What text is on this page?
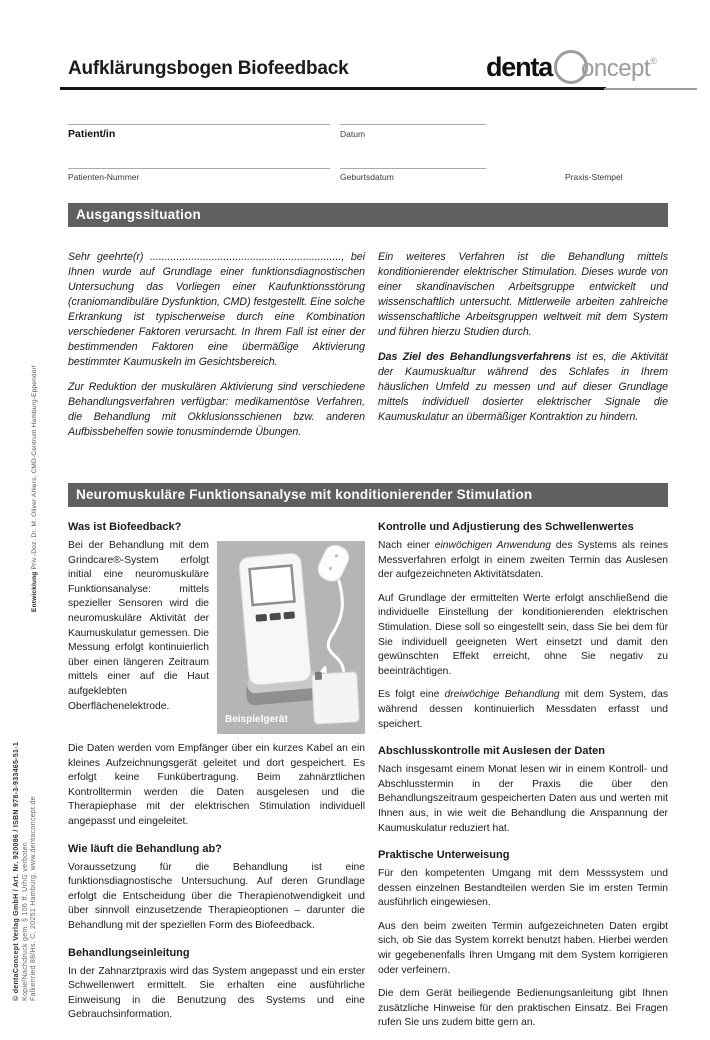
Aufklärungsbogen Biofeedback	denta oncept®
Patient/in	Datum
Patienten-Nummer	Geburtsdatum	Praxis-Stempel
Ausgangssituation

Sehr geehrte(r) ................................................................., bei Ihnen wurde auf Grundlage einer funktionsdiagnostischen Untersuchung das Vorliegen einer Kaufunktionsstörung (craniomandibuläre Dysfunktion, CMD) festgestellt. Eine solche Erkrankung ist typischerweise durch eine Kombination verschiedener Faktoren verursacht. In Ihrem Fall ist einer der bestimmenden Faktoren eine übermäßige Aktivierung bestimmter Kaumuskeln im Gesichtsbereich.

Zur Reduktion der muskulären Aktivierung sind verschiedene Behandlungsverfahren verfügbar: medikamentöse Verfahren, die Behandlung mit Okklusionsschienen bzw. anderen Aufbissbehelfen sowie tonusmindernde Übungen.

Ein weiteres Verfahren ist die Behandlung mittels konditionierender elektrischer Stimulation. Dieses wurde von einer skandinavischen Arbeitsgruppe entwickelt und wissenschaftlich untersucht. Mittlerweile arbeiten zahlreiche wissenschaftliche Arbeitsgruppen weltweit mit dem System und führen hierzu Studien durch.

Das Ziel des Behandlungsverfahrens ist es, die Aktivität der Kaumuskualtur während des Schlafes in Ihrem häuslichen Umfeld zu messen und auf dieser Grundlage mittels individuell dosierter elektrischer Signale die Kaumuskulatur an übermäßiger Kontraktion zu hindern.

Neuromuskuläre Funktionsanalyse mit konditionierender Stimulation
Was ist Biofeedback?
Beispielgerät

Bei der Behandlung mit dem Grindcare®-System erfolgt initial eine neuromuskuläre Funktionsanalyse: mittels spezieller Sensoren wird die neuromuskuläre Aktivität der Kaumuskulatur gemessen. Die Messung erfolgt kontinuierlich über einen längeren Zeitraum mittels einer auf die Haut aufgeklebten Oberflächenelektrode.

Die Daten werden vom Empfänger über ein kurzes Kabel an ein kleines Aufzeichnungsgerät geleitet und dort gespeichert. Es erfolgt keine Funkübertragung. Beim zahnärztlichen Kontrolltermin werden die Daten ausgelesen und die Therapiephase mit der elektrischen Stimulation individuell angepasst und eingeleitet.

Wie läuft die Behandlung ab?

Voraussetzung für die Behandlung ist eine funktionsdiagnostische Untersuchung. Auf deren Grundlage erfolgt die Entscheidung über die Therapienotwendigkeit und über sinnvoll einzusetzende Therapieoptionen – darunter die Behandlung mit der speziellen Form des Biofeedback.

Behandlungseinleitung

In der Zahnarztpraxis wird das System angepasst und ein erster Schwellenwert ermittelt. Sie erhalten eine ausführliche Einweisung in die Benutzung des Systems und eine Gebrauchsinformation.

Kontrolle und Adjustierung des Schwellenwertes

Nach einer einwöchigen Anwendung des Systems als reines Messverfahren erfolgt in einem zweiten Termin das Auslesen der aufgezeichneten Aktivitätsdaten.

Auf Grundlage der ermittelten Werte erfolgt anschließend die individuelle Einstellung der konditionierenden elektrischen Stimulation. Diese soll so eingestellt sein, dass Sie bei dem für Sie individuell geeigneten Wert einsetzt und damit den gewünschten Effekt erreicht, ohne Sie negativ zu beeinträchtigen.

Es folgt eine dreiwöchige Behandlung mit dem System, das während dessen kontinuierlich Messdaten erfasst und speichert.

Abschlusskontrolle mit Auslesen der Daten

Nach insgesamt einem Monat lesen wir in einem Kontroll- und Abschlusstermin in der Praxis die über den Behandlungszeitraum gespeicherten Daten aus und werten mit Ihnen aus, in wie weit die Behandlung die Anspannung der Kaumuskulatur reduziert hat.

Praktische Unterweisung

Für den kompetenten Umgang mit dem Messsystem und dessen einzelnen Bestandteilen werden Sie im ersten Termin ausführlich eingewiesen.

Aus den beim zweiten Termin aufgezeichneten Daten ergibt sich, ob Sie das System korrekt benutzt haben. Hierbei werden wir gegebenenfalls Ihren Umgang mit dem System korrigieren oder verfeinern.

Die dem Gerät beiliegende Bedienungsanleitung gibt Ihnen zusätzliche Hinweise für den praktischen Einsatz. Bei Fragen rufen Sie uns zudem bitte gern an.

Entwicklung Priv.-Doz. Dr. M. Oliver Ahlers, CMD-Centrum Hamburg-Eppendorf
© dentaConcept Verlag GmbH / Art. Nr. 920086 / ISBN 978-3-933465-51-1 Kopie/Nachdruck gem. § 106 ff. UrhG verboten Falkenried 88/Hs. C, 20251 Hamburg, www.dentaconcept.de
